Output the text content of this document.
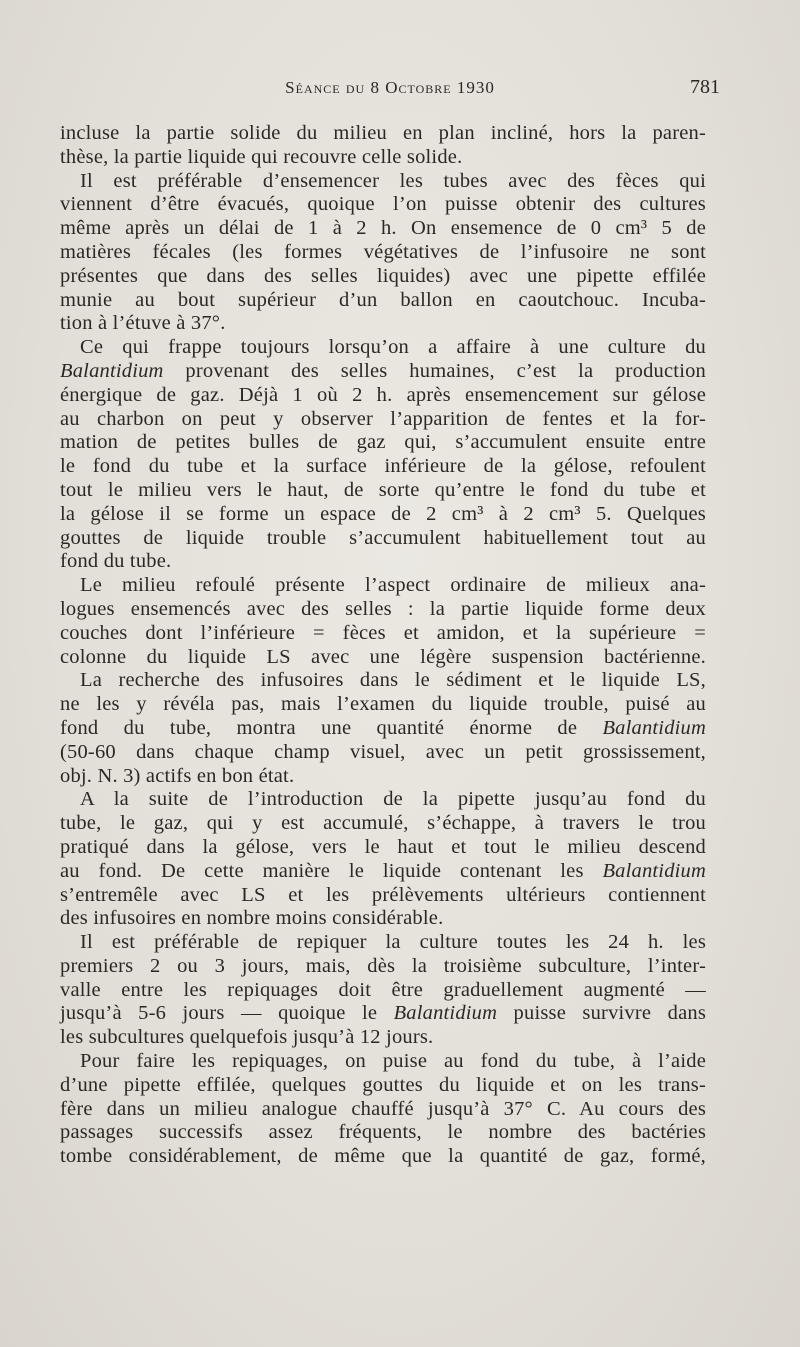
Séance du 8 Octobre 1930	781
incluse la partie solide du milieu en plan incliné, hors la paren-
thèse, la partie liquide qui recouvre celle solide.
Il est préférable d’ensemencer les tubes avec des fèces qui
viennent d’être évacués, quoique l’on puisse obtenir des cultures
même après un délai de 1 à 2 h. On ensemence de 0 cm³ 5 de
matières fécales (les formes végétatives de l’infusoire ne sont
présentes que dans des selles liquides) avec une pipette effilée
munie au bout supérieur d’un ballon en caoutchouc. Incuba-
tion à l’étuve à 37°.
Ce qui frappe toujours lorsqu’on a affaire à une culture du
Balantidium provenant des selles humaines, c’est la production
énergique de gaz. Déjà 1 où 2 h. après ensemencement sur gélose
au charbon on peut y observer l’apparition de fentes et la for-
mation de petites bulles de gaz qui, s’accumulent ensuite entre
le fond du tube et la surface inférieure de la gélose, refoulent
tout le milieu vers le haut, de sorte qu’entre le fond du tube et
la gélose il se forme un espace de 2 cm³ à 2 cm³ 5. Quelques
gouttes de liquide trouble s’accumulent habituellement tout au
fond du tube.
Le milieu refoulé présente l’aspect ordinaire de milieux ana-
logues ensemencés avec des selles : la partie liquide forme deux
couches dont l’inférieure = fèces et amidon, et la supérieure =
colonne du liquide LS avec une légère suspension bactérienne.
La recherche des infusoires dans le sédiment et le liquide LS,
ne les y révéla pas, mais l’examen du liquide trouble, puisé au
fond du tube, montra une quantité énorme de Balantidium
(50-60 dans chaque champ visuel, avec un petit grossissement,
obj. N. 3) actifs en bon état.
A la suite de l’introduction de la pipette jusqu’au fond du
tube, le gaz, qui y est accumulé, s’échappe, à travers le trou
pratiqué dans la gélose, vers le haut et tout le milieu descend
au fond. De cette manière le liquide contenant les Balantidium
s’entremêle avec LS et les prélèvements ultérieurs contiennent
des infusoires en nombre moins considérable.
Il est préférable de repiquer la culture toutes les 24 h. les
premiers 2 ou 3 jours, mais, dès la troisième subculture, l’inter-
valle entre les repiquages doit être graduellement augmenté —
jusqu’à 5-6 jours — quoique le Balantidium puisse survivre dans
les subcultures quelquefois jusqu’à 12 jours.
Pour faire les repiquages, on puise au fond du tube, à l’aide
d’une pipette effilée, quelques gouttes du liquide et on les trans-
fère dans un milieu analogue chauffé jusqu’à 37° C. Au cours des
passages successifs assez fréquents, le nombre des bactéries
tombe considérablement, de même que la quantité de gaz, formé,
